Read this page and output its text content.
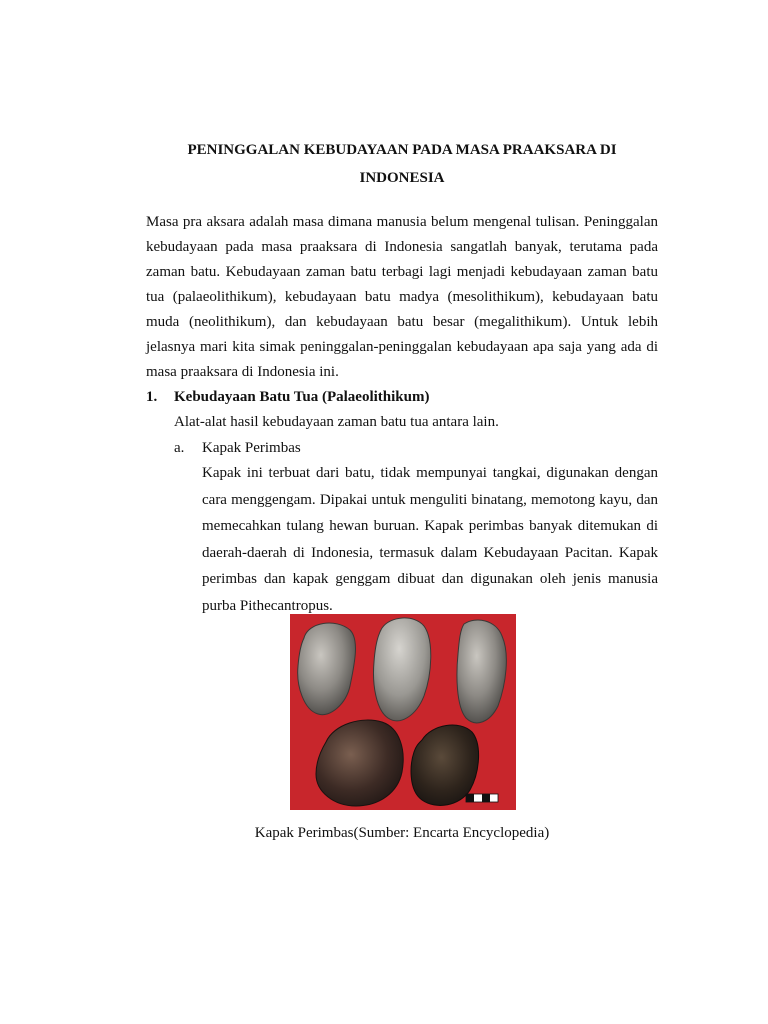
PENINGGALAN KEBUDAYAAN PADA MASA PRAAKSARA DI INDONESIA

Masa pra aksara adalah masa dimana manusia belum mengenal tulisan. Peninggalan kebudayaan pada masa praaksara di Indonesia sangatlah banyak, terutama pada zaman batu. Kebudayaan zaman batu terbagi lagi menjadi kebudayaan zaman batu tua (palaeolithikum), kebudayaan batu madya (mesolithikum), kebudayaan batu muda (neolithikum), dan kebudayaan batu besar (megalithikum). Untuk lebih jelasnya mari kita simak peninggalan-peninggalan kebudayaan apa saja yang ada di masa praaksara di Indonesia ini.

1. Kebudayaan Batu Tua (Palaeolithikum)

Alat-alat hasil kebudayaan zaman batu tua antara lain.

a. Kapak Perimbas

Kapak ini terbuat dari batu, tidak mempunyai tangkai, digunakan dengan cara menggengam. Dipakai untuk menguliti binatang, memotong kayu, dan memecahkan tulang hewan buruan. Kapak perimbas banyak ditemukan di daerah-daerah di Indonesia, termasuk dalam Kebudayaan Pacitan. Kapak perimbas dan kapak genggam dibuat dan digunakan oleh jenis manusia purba Pithecantropus.

Kapak Perimbas(Sumber: Encarta Encyclopedia)
